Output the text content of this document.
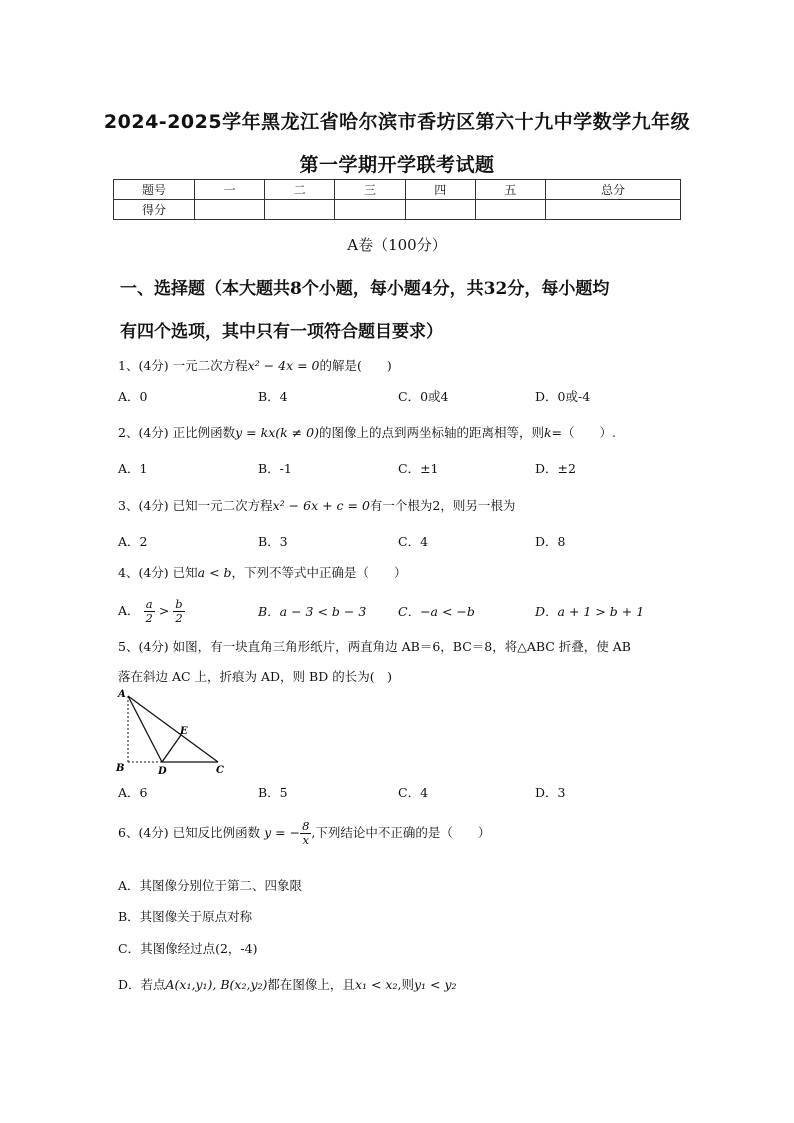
2024-2025学年黑龙江省哈尔滨市香坊区第六十九中学数学九年级
第一学期开学联考试题
题号	一	二	三	四	五	总分
得分						
A卷（100分）
一、选择题（本大题共8个小题，每小题4分，共32分，每小题均
有四个选项，其中只有一项符合题目要求）
1、(4分) 一元二次方程x² − 4x = 0的解是(　　)
A．0	B．4	C．0或4	D．0或-4
2、(4分) 正比例函数y = kx(k ≠ 0)的图像上的点到两坐标轴的距离相等，则k=（　　）.
A．1	B．-1	C．±1	D．±2
3、(4分) 已知一元二次方程x² − 6x + c = 0有一个根为2，则另一根为
A．2	B．3	C．4	D．8
4、(4分) 已知a < b，下列不等式中正确是（　　）
A． $\frac{a}{2} > \frac{b}{2}$	B．a − 3 < b − 3	C．−a < −b	D．a + 1 > b + 1
5、(4分) 如图，有一块直角三角形纸片，两直角边 AB＝6，BC＝8，将△ABC 折叠，使 AB
落在斜边 AC 上，折痕为 AD，则 BD 的长为(　)
A
B	C
D
E
A．6	B．5	C．4	D．3
6、(4分) 已知反比例函数 y = − $\frac{8}{x}$ ,下列结论中不正确的是（　　）
A．其图像分别位于第二、四象限
B．其图像关于原点对称
C．其图像经过点(2，-4)
D．若点A(x₁,y₁), B(x₂,y₂)都在图像上，且x₁ < x₂,则y₁ < y₂
